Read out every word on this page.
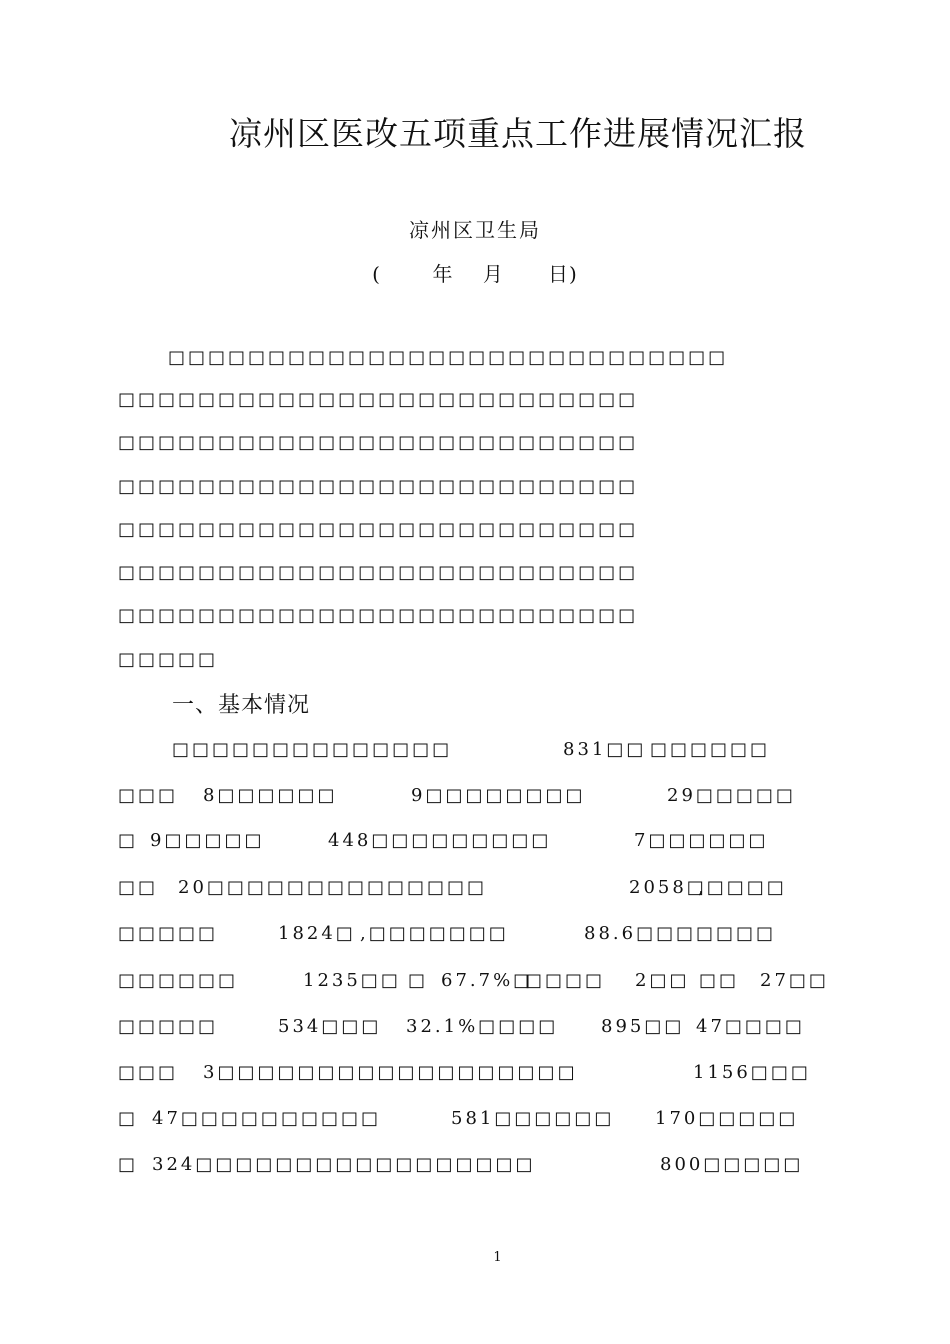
凉州区医改五项重点工作进展情况汇报
凉州区卫生局
(       年    月      日)
□□□□□□□□□□□□□□□□□□□□□□□□□□□□
□□□□□□□□□□□□□□□□□□□□□□□□□□
□□□□□□□□□□□□□□□□□□□□□□□□□□
□□□□□□□□□□□□□□□□□□□□□□□□□□
□□□□□□□□□□□□□□□□□□□□□□□□□□
□□□□□□□□□□□□□□□□□□□□□□□□□□
□□□□□□□□□□□□□□□□□□□□□□□□□□
□□□□□
一、基本情况
□□□□□□□□□□□□□□	831□□ □□□□□□
□□□ 8□□□□□□	9□□□□□□□□	29□□□□□
□ 9□□□□□	448□□□□□□□□□	7□□□□□□
□□ 20□□□□□□□□□□□□□□	2058□
,□□□□
□□□□□	1824□ ,□□□□□□□	88.6□□ □□□□□
□□□□□□	1235□□ □ 67.7%□
□□□□ 2□□ □□ 27□□
□□□□□	534□□□ 32.1%□□□□ 895□□ 47□□□□
□□□ 3□□□□□□□□□□□□□□□□□□	1156□□□
□ 47□□□□□□□□□□	581□□□□□□ 170□□□□□
□ 324□□□□□□□□□□□□□□□□□	800□□□□□
1
